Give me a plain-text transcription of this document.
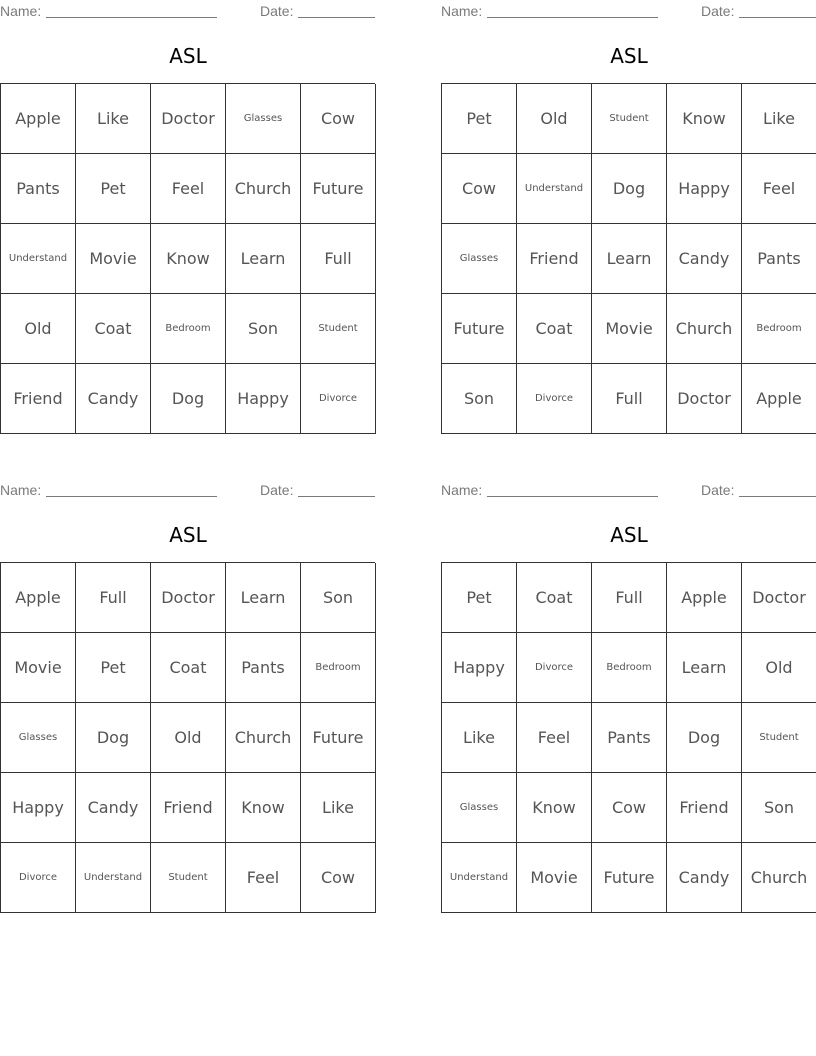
Name:	Date:
ASL
Apple	Like	Doctor	Glasses	Cow
Pants	Pet	Feel	Church	Future
Understand	Movie	Know	Learn	Full
Old	Coat	Bedroom	Son	Student
Friend	Candy	Dog	Happy	Divorce
Name:	Date:
ASL
Pet	Old	Student	Know	Like
Cow	Understand	Dog	Happy	Feel
Glasses	Friend	Learn	Candy	Pants
Future	Coat	Movie	Church	Bedroom
Son	Divorce	Full	Doctor	Apple
Name:	Date:
ASL
Apple	Full	Doctor	Learn	Son
Movie	Pet	Coat	Pants	Bedroom
Glasses	Dog	Old	Church	Future
Happy	Candy	Friend	Know	Like
Divorce	Understand	Student	Feel	Cow
Name:	Date:
ASL
Pet	Coat	Full	Apple	Doctor
Happy	Divorce	Bedroom	Learn	Old
Like	Feel	Pants	Dog	Student
Glasses	Know	Cow	Friend	Son
Understand	Movie	Future	Candy	Church
